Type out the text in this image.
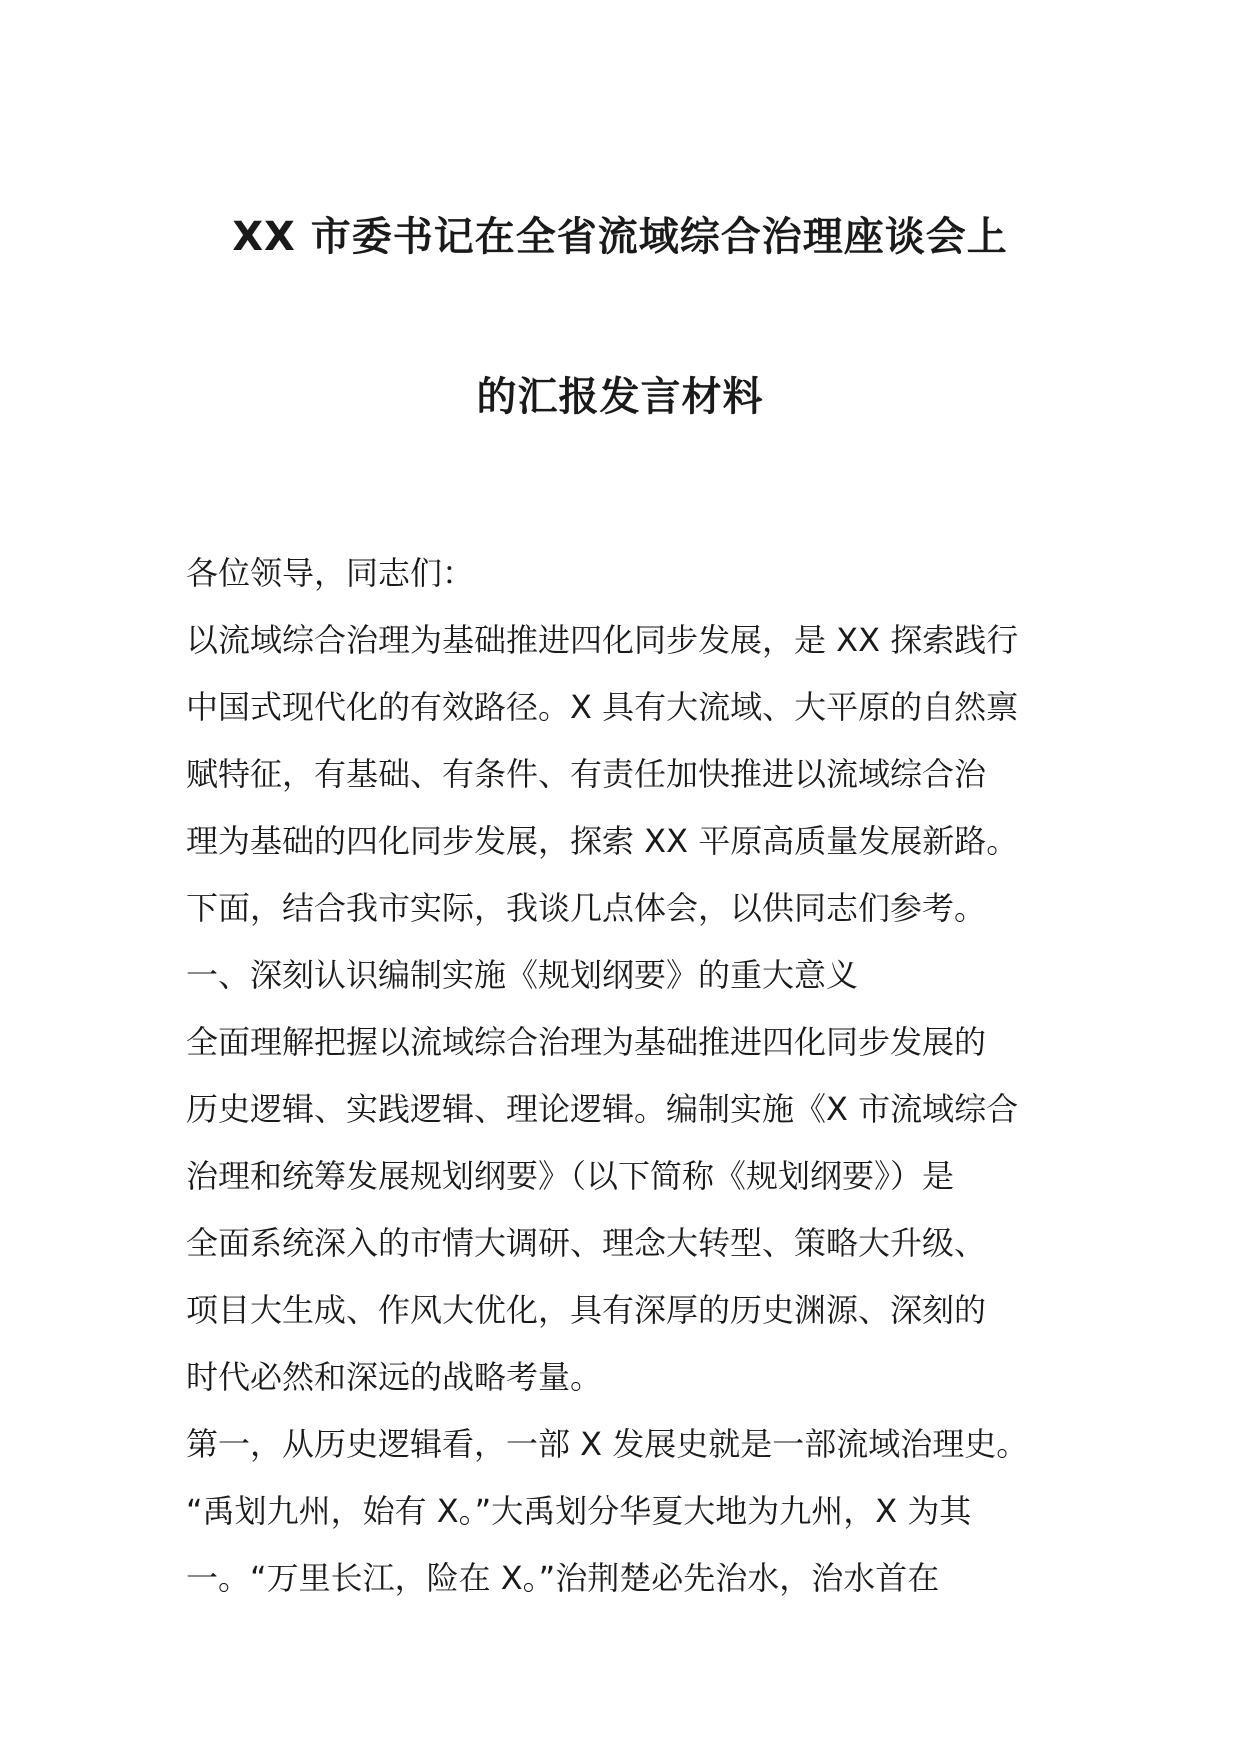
XX 市委书记在全省流域综合治理座谈会上
的汇报发言材料
各位领导，同志们：
以流域综合治理为基础推进四化同步发展，是 XX 探索践行
中国式现代化的有效路径。X 具有大流域、大平原的自然禀
赋特征，有基础、有条件、有责任加快推进以流域综合治
理为基础的四化同步发展，探索 XX 平原高质量发展新路。
下面，结合我市实际，我谈几点体会，以供同志们参考。
一、深刻认识编制实施《规划纲要》的重大意义
全面理解把握以流域综合治理为基础推进四化同步发展的
历史逻辑、实践逻辑、理论逻辑。编制实施《X 市流域综合
治理和统筹发展规划纲要》（以下简称《规划纲要》）是
全面系统深入的市情大调研、理念大转型、策略大升级、
项目大生成、作风大优化，具有深厚的历史渊源、深刻的
时代必然和深远的战略考量。
第一，从历史逻辑看，一部 X 发展史就是一部流域治理史。
“禹划九州，始有 X。”大禹划分华夏大地为九州，X 为其
一。“万里长江，险在 X。”治荆楚必先治水，治水首在
